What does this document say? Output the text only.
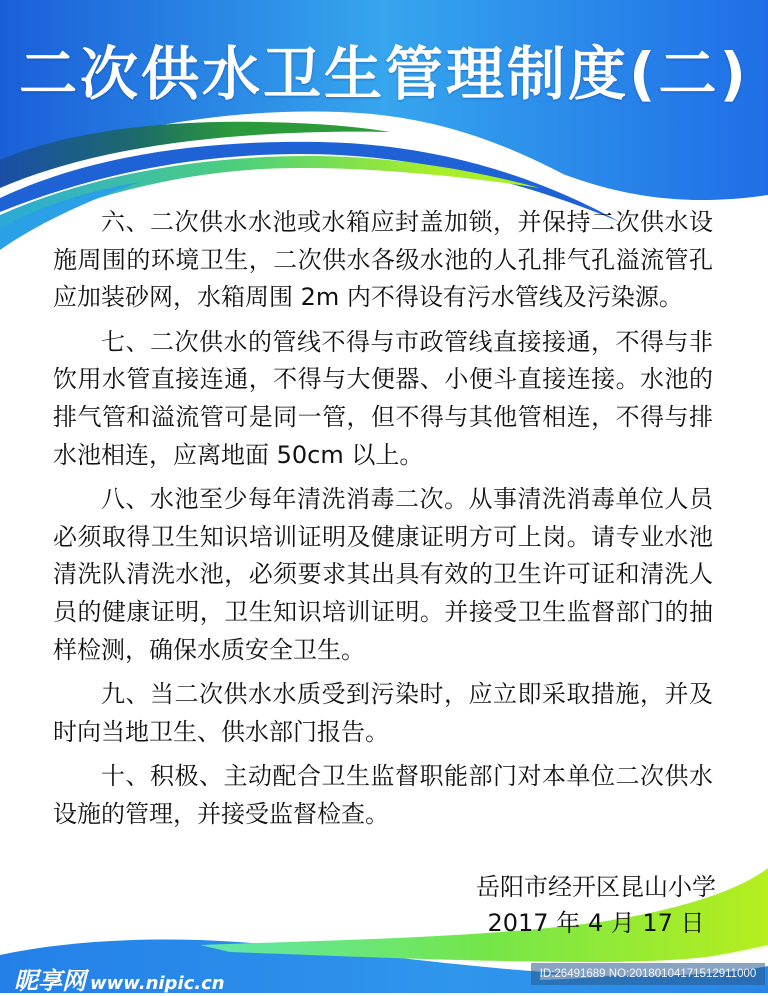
二次供水卫生管理制度(二)

六、二次供水水池或水箱应封盖加锁，并保持二次供水设施周围的环境卫生，二次供水各级水池的人孔排气孔溢流管孔应加装砂网，水箱周围 2m 内不得设有污水管线及污染源。

七、二次供水的管线不得与市政管线直接接通，不得与非饮用水管直接连通，不得与大便器、小便斗直接连接。水池的排气管和溢流管可是同一管，但不得与其他管相连，不得与排水池相连，应离地面 50cm 以上。

八、水池至少每年清洗消毒二次。从事清洗消毒单位人员必须取得卫生知识培训证明及健康证明方可上岗。请专业水池清洗队清洗水池，必须要求其出具有效的卫生许可证和清洗人员的健康证明，卫生知识培训证明。并接受卫生监督部门的抽样检测，确保水质安全卫生。

九、当二次供水水质受到污染时，应立即采取措施，并及时向当地卫生、供水部门报告。

十、积极、主动配合卫生监督职能部门对本单位二次供水设施的管理，并接受监督检查。

岳阳市经开区昆山小学
2017 年 4 月 17 日
昵享网 www.nipic.cn	ID:26491689 NO:20180104171512911000
